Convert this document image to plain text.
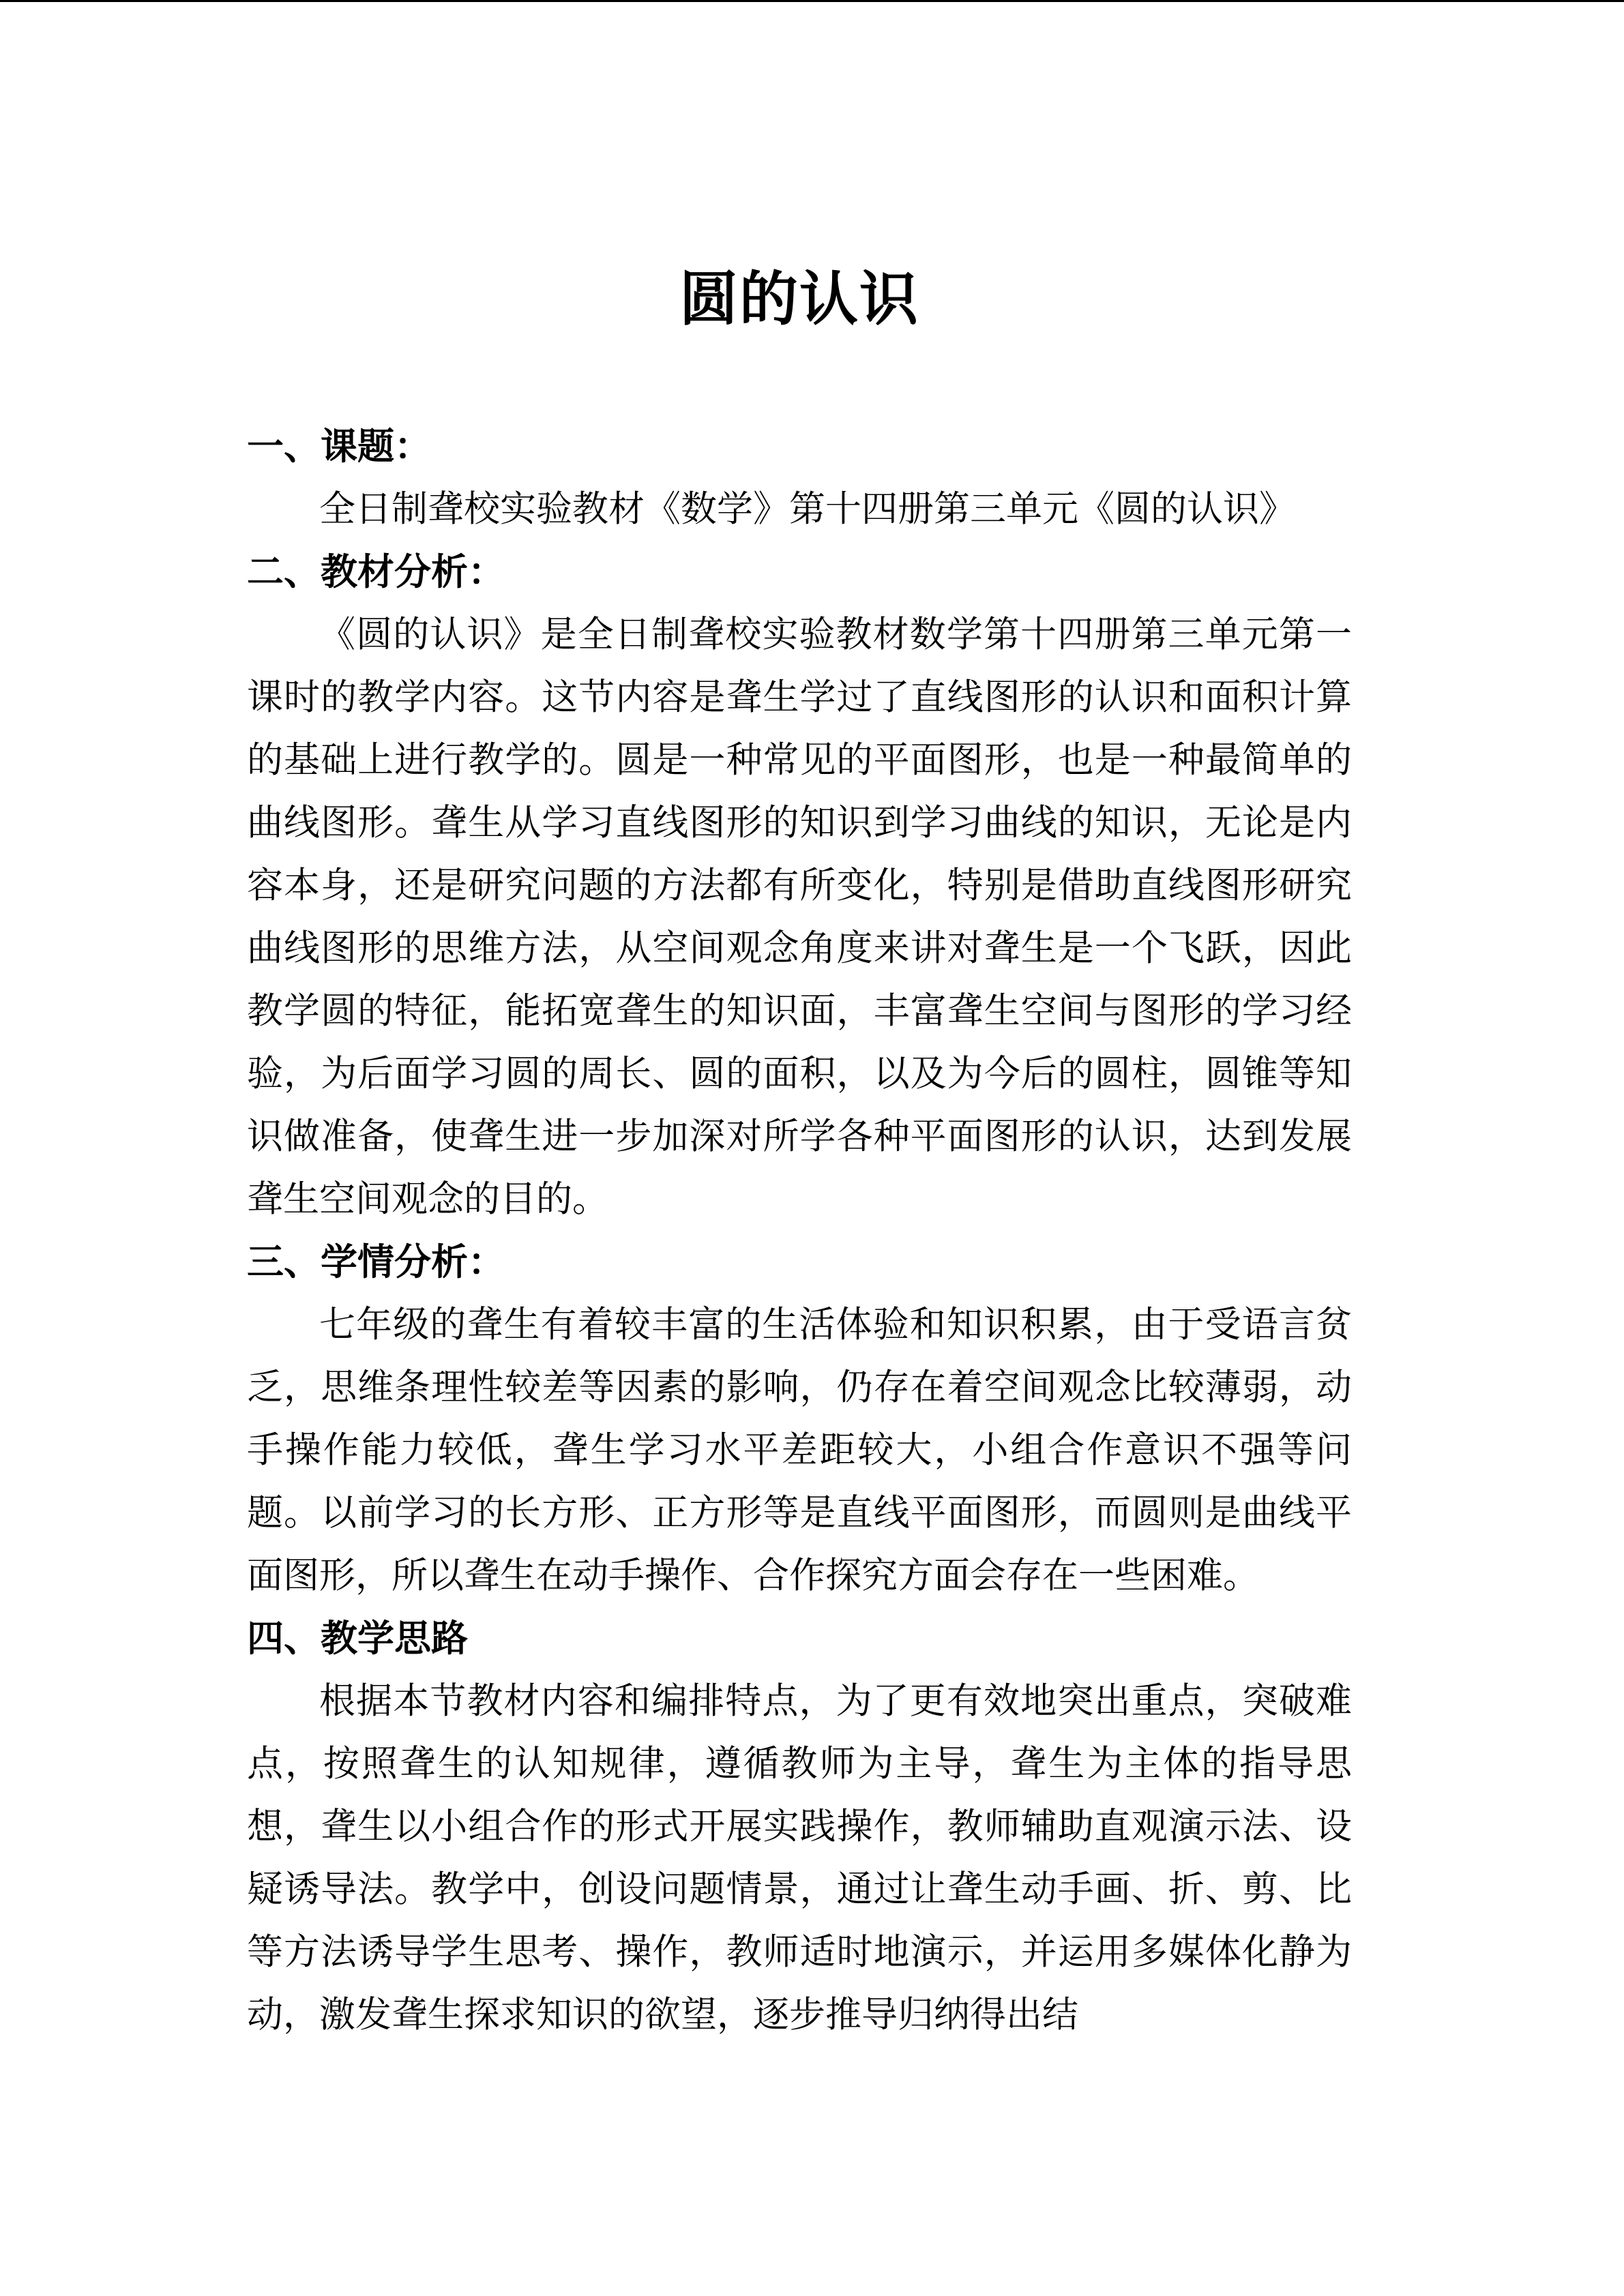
圆的认识
一、课题：

全日制聋校实验教材《数学》第十四册第三单元《圆的认识》

二、教材分析：

《圆的认识》是全日制聋校实验教材数学第十四册第三单元第一课时的教学内容。这节内容是聋生学过了直线图形的认识和面积计算的基础上进行教学的。圆是一种常见的平面图形，也是一种最简单的曲线图形。聋生从学习直线图形的知识到学习曲线的知识，无论是内容本身，还是研究问题的方法都有所变化，特别是借助直线图形研究曲线图形的思维方法，从空间观念角度来讲对聋生是一个飞跃，因此教学圆的特征，能拓宽聋生的知识面，丰富聋生空间与图形的学习经验，为后面学习圆的周长、圆的面积，以及为今后的圆柱，圆锥等知识做准备，使聋生进一步加深对所学各种平面图形的认识，达到发展聋生空间观念的目的。

三、学情分析：

七年级的聋生有着较丰富的生活体验和知识积累，由于受语言贫乏，思维条理性较差等因素的影响，仍存在着空间观念比较薄弱，动手操作能力较低，聋生学习水平差距较大，小组合作意识不强等问题。以前学习的长方形、正方形等是直线平面图形，而圆则是曲线平面图形，所以聋生在动手操作、合作探究方面会存在一些困难。

四、教学思路

根据本节教材内容和编排特点，为了更有效地突出重点，突破难点，按照聋生的认知规律，遵循教师为主导，聋生为主体的指导思想，聋生以小组合作的形式开展实践操作，教师辅助直观演示法、设疑诱导法。教学中，创设问题情景，通过让聋生动手画、折、剪、比等方法诱导学生思考、操作，教师适时地演示，并运用多媒体化静为动，激发聋生探求知识的欲望，逐步推导归纳得出结
